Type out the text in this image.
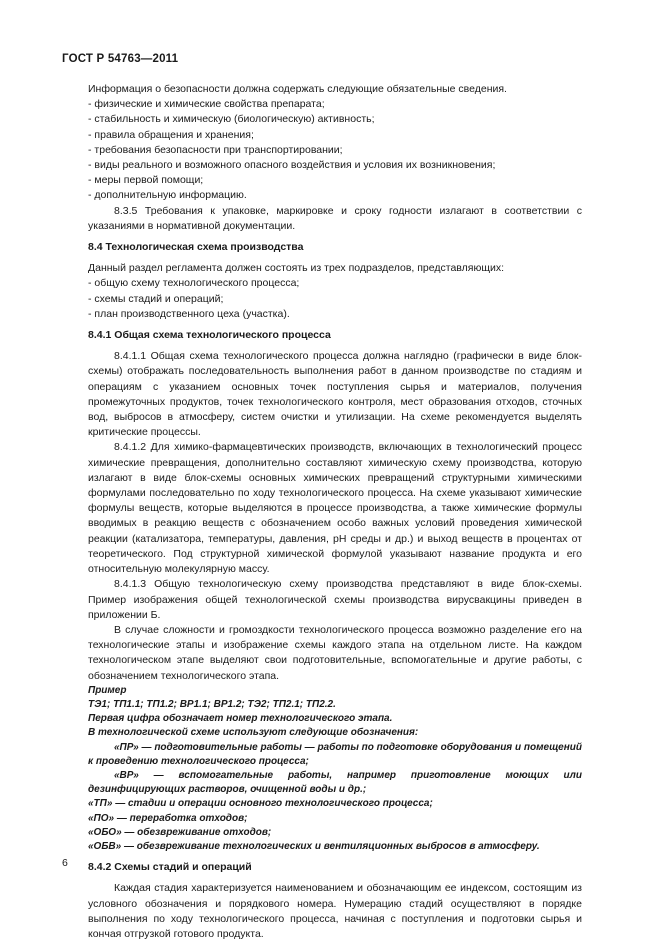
ГОСТ Р 54763—2011

Информация о безопасности должна содержать следующие обязательные сведения.

- физические и химические свойства препарата;

- стабильность и химическую (биологическую) активность;

- правила обращения и хранения;

- требования безопасности при транспортировании;

- виды реального и возможного опасного воздействия и условия их возникновения;

- меры первой помощи;

- дополнительную информацию.

8.3.5 Требования к упаковке, маркировке и сроку годности излагают в соответствии с указаниями в нормативной документации.

8.4 Технологическая схема производства

Данный раздел регламента должен состоять из трех подразделов, представляющих:

- общую схему технологического процесса;

- схемы стадий и операций;

- план производственного цеха (участка).

8.4.1 Общая схема технологического процесса

8.4.1.1 Общая схема технологического процесса должна наглядно (графически в виде блок-схемы) отображать последовательность выполнения работ в данном производстве по стадиям и операциям с указанием основных точек поступления сырья и материалов, получения промежуточных продуктов, точек технологического контроля, мест образования отходов, сточных вод, выбросов в атмосферу, систем очистки и утилизации. На схеме рекомендуется выделять критические процессы.

8.4.1.2 Для химико-фармацевтических производств, включающих в технологический процесс химические превращения, дополнительно составляют химическую схему производства, которую излагают в виде блок-схемы основных химических превращений структурными химическими формулами последовательно по ходу технологического процесса. На схеме указывают химические формулы веществ, которые выделяются в процессе производства, а также химические формулы вводимых в реакцию веществ с обозначением особо важных условий проведения химической реакции (катализатора, температуры, давления, pH среды и др.) и выход веществ в процентах от теоретического. Под структурной химической формулой указывают название продукта и его относительную молекулярную массу.

8.4.1.3 Общую технологическую схему производства представляют в виде блок-схемы. Пример изображения общей технологической схемы производства вирусвакцины приведен в приложении Б.

В случае сложности и громоздкости технологического процесса возможно разделение его на технологические этапы и изображение схемы каждого этапа на отдельном листе. На каждом технологическом этапе выделяют свои подготовительные, вспомогательные и другие работы, с обозначением технологического этапа.

Пример

ТЭ1; ТП1.1; ТП1.2; ВР1.1; ВР1.2; ТЭ2; ТП2.1; ТП2.2.

Первая цифра обозначает номер технологического этапа.

В технологической схеме используют следующие обозначения:

«ПР» — подготовительные работы — работы по подготовке оборудования и помещений к проведению технологического процесса;

«ВР» — вспомогательные работы, например приготовление моющих или дезинфицирующих растворов, очищенной воды и др.;

«ТП» — стадии и операции основного технологического процесса;

«ПО» — переработка отходов;

«ОБО» — обезвреживание отходов;

«ОБВ» — обезвреживание технологических и вентиляционных выбросов в атмосферу.

8.4.2 Схемы стадий и операций

Каждая стадия характеризуется наименованием и обозначающим ее индексом, состоящим из условного обозначения и порядкового номера. Нумерацию стадий осуществляют в порядке выполнения по ходу технологического процесса, начиная с поступления и подготовки сырья и кончая отгрузкой готового продукта.

6
